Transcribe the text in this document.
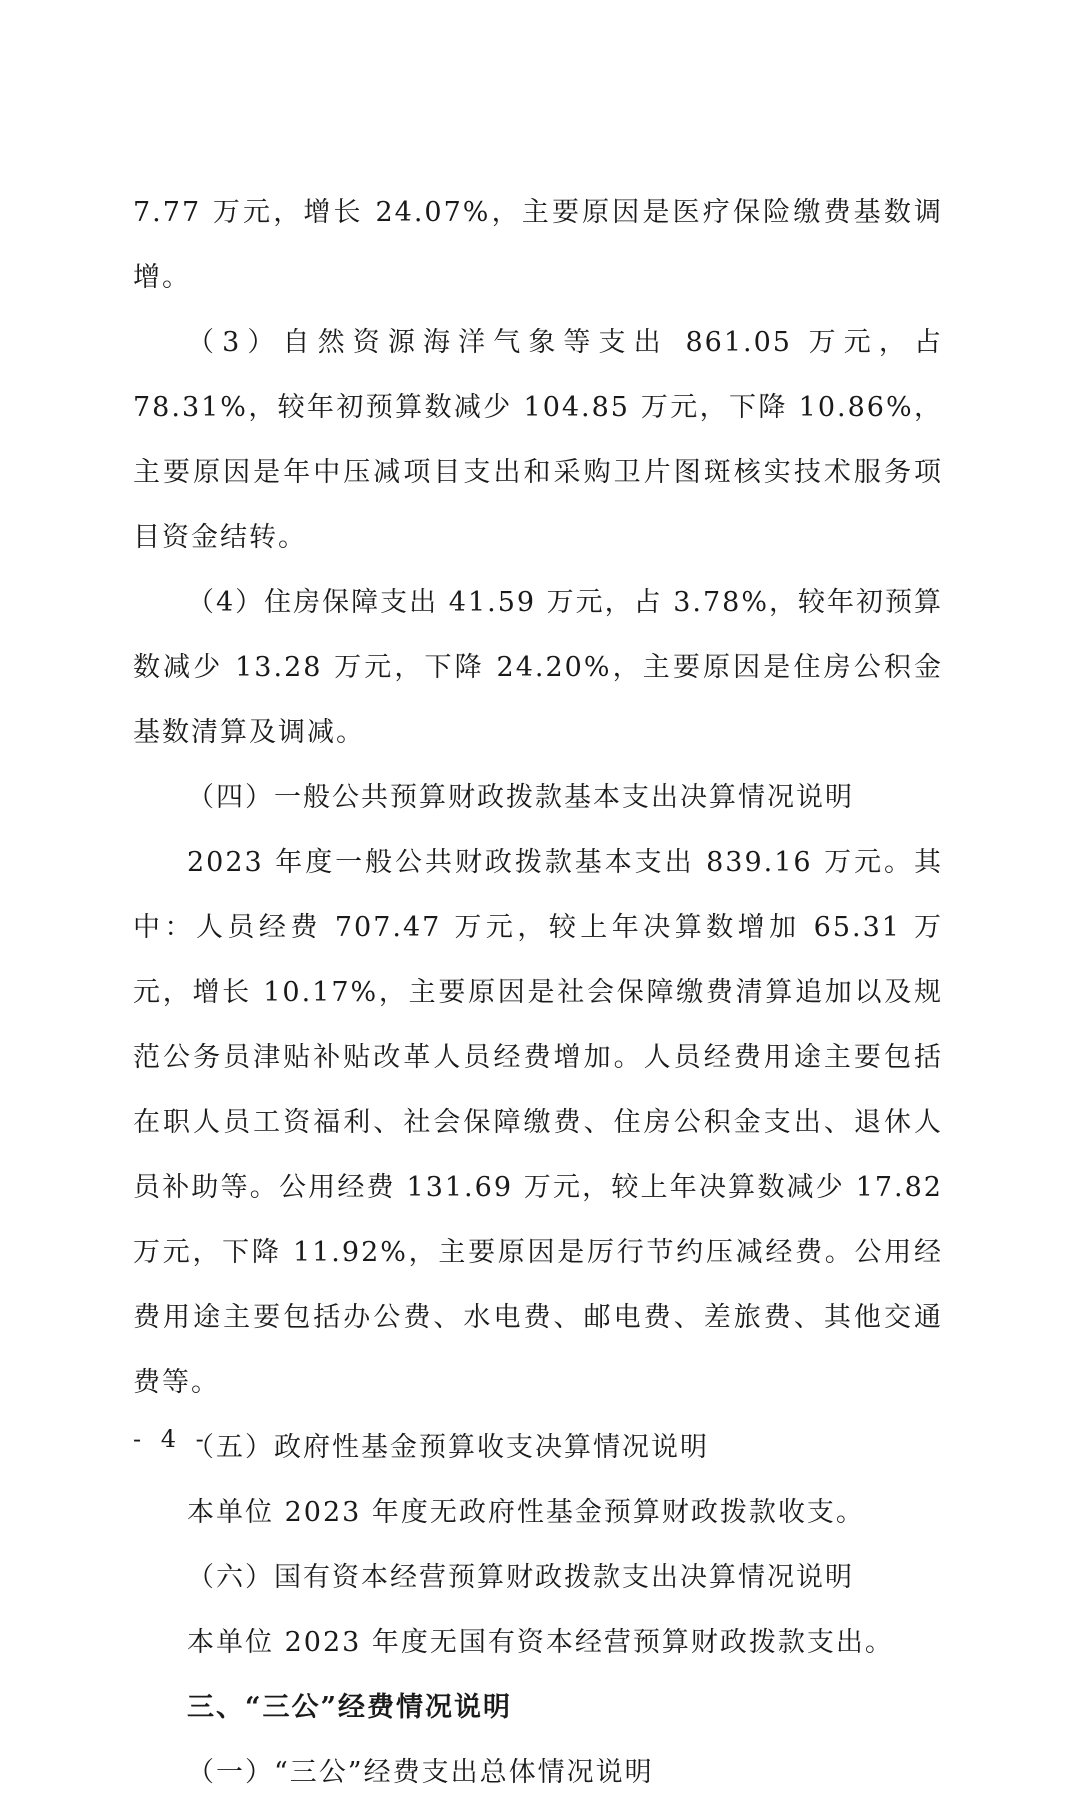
7.77 万元，增长 24.07%，主要原因是医疗保险缴费基数调增。

（3）自然资源海洋气象等支出 861.05 万元，占 78.31%，较年初预算数减少 104.85 万元，下降 10.86%，主要原因是年中压减项目支出和采购卫片图斑核实技术服务项目资金结转。

（4）住房保障支出 41.59 万元，占 3.78%，较年初预算数减少 13.28 万元，下降 24.20%，主要原因是住房公积金基数清算及调减。

（四）一般公共预算财政拨款基本支出决算情况说明

2023 年度一般公共财政拨款基本支出 839.16 万元。其中：人员经费 707.47 万元，较上年决算数增加 65.31 万元，增长 10.17%，主要原因是社会保障缴费清算追加以及规范公务员津贴补贴改革人员经费增加。人员经费用途主要包括在职人员工资福利、社会保障缴费、住房公积金支出、退休人员补助等。公用经费 131.69 万元，较上年决算数减少 17.82 万元，下降 11.92%，主要原因是厉行节约压减经费。公用经费用途主要包括办公费、水电费、邮电费、差旅费、其他交通费等。

（五）政府性基金预算收支决算情况说明

本单位 2023 年度无政府性基金预算财政拨款收支。

（六）国有资本经营预算财政拨款支出决算情况说明

本单位 2023 年度无国有资本经营预算财政拨款支出。

三、“三公”经费情况说明

（一）“三公”经费支出总体情况说明

- 4 -
